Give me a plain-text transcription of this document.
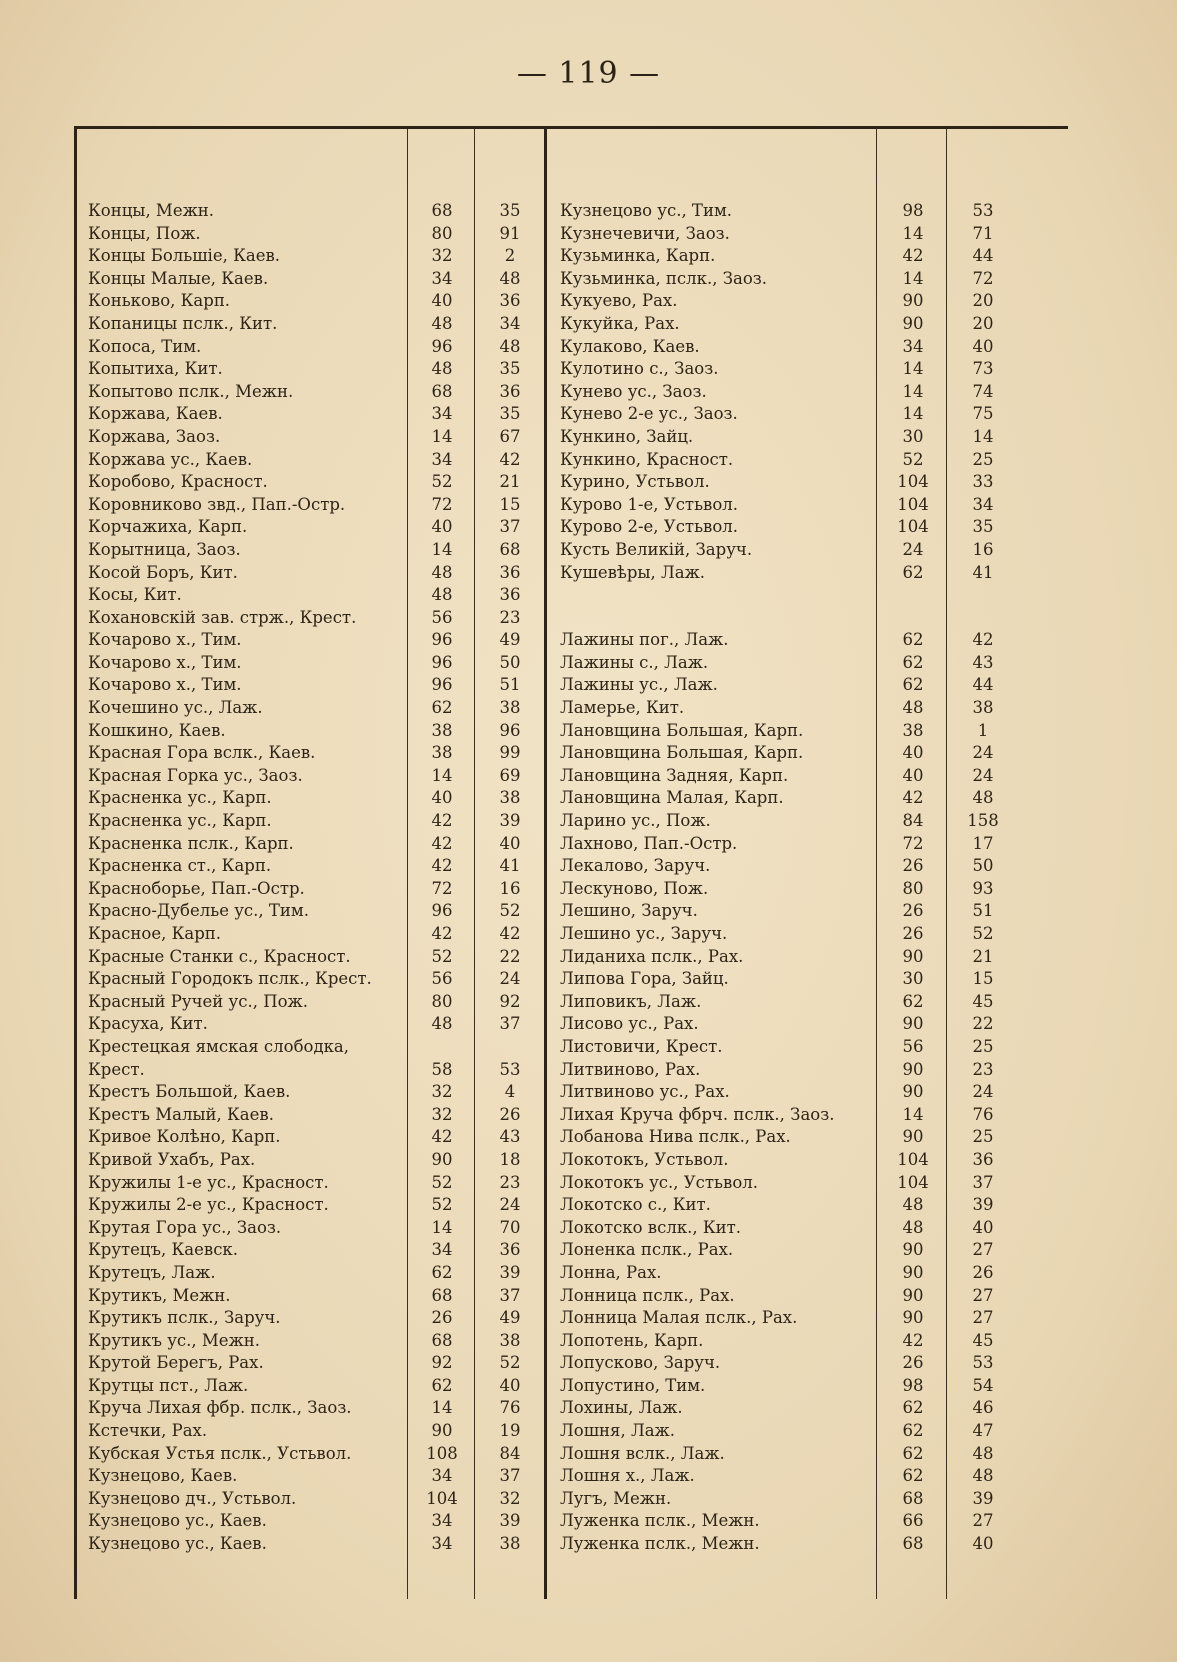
— 119 —
Концы, Межн.	68	35
Концы, Пож.	80	91
Концы Большіе, Каев.	32	2
Концы Малые, Каев.	34	48
Коньково, Карп.	40	36
Копаницы пслк., Кит.	48	34
Копоса, Тим.	96	48
Копытиха, Кит.	48	35
Копытово пслк., Межн.	68	36
Коржава, Каев.	34	35
Коржава, Заоз.	14	67
Коржава ус., Каев.	34	42
Коробово, Красност.	52	21
Коровниково звд., Пап.-Остр.	72	15
Корчажиха, Карп.	40	37
Корытница, Заоз.	14	68
Косой Боръ, Кит.	48	36
Косы, Кит.	48	36
Кохановскій зав. стрж., Крест.	56	23
Кочарово х., Тим.	96	49
Кочарово х., Тим.	96	50
Кочарово х., Тим.	96	51
Кочешино ус., Лаж.	62	38
Кошкино, Каев.	38	96
Красная Гора вслк., Каев.	38	99
Красная Горка ус., Заоз.	14	69
Красненка ус., Карп.	40	38
Красненка ус., Карп.	42	39
Красненка пслк., Карп.	42	40
Красненка ст., Карп.	42	41
Красноборье, Пап.-Остр.	72	16
Красно-Дубелье ус., Тим.	96	52
Красное, Карп.	42	42
Красные Станки с., Красност.	52	22
Красный Городокъ пслк., Крест.	56	24
Красный Ручей ус., Пож.	80	92
Красуха, Кит.	48	37
Крестецкая ямская слободка,
Крест.	58	53
Крестъ Большой, Каев.	32	4
Крестъ Малый, Каев.	32	26
Кривое Колѣно, Карп.	42	43
Кривой Ухабъ, Рах.	90	18
Кружилы 1-е ус., Красност.	52	23
Кружилы 2-е ус., Красност.	52	24
Крутая Гора ус., Заоз.	14	70
Крутецъ, Каевск.	34	36
Крутецъ, Лаж.	62	39
Крутикъ, Межн.	68	37
Крутикъ пслк., Заруч.	26	49
Крутикъ ус., Межн.	68	38
Крутой Берегъ, Рах.	92	52
Крутцы пст., Лаж.	62	40
Круча Лихая фбр. пслк., Заоз.	14	76
Кстечки, Рах.	90	19
Кубская Устья пслк., Устьвол.	108	84
Кузнецово, Каев.	34	37
Кузнецово дч., Устьвол.	104	32
Кузнецово ус., Каев.	34	39
Кузнецово ус., Каев.	34	38
Кузнецово ус., Тим.	98	53
Кузнечевичи, Заоз.	14	71
Кузьминка, Карп.	42	44
Кузьминка, пслк., Заоз.	14	72
Кукуево, Рах.	90	20
Кукуйка, Рах.	90	20
Кулаково, Каев.	34	40
Кулотино с., Заоз.	14	73
Кунево ус., Заоз.	14	74
Кунево 2-е ус., Заоз.	14	75
Кункино, Зайц.	30	14
Кункино, Красност.	52	25
Курино, Устьвол.	104	33
Курово 1-е, Устьвол.	104	34
Курово 2-е, Устьвол.	104	35
Кусть Великій, Заруч.	24	16
Кушевѣры, Лаж.	62	41
Лажины пог., Лаж.	62	42
Лажины с., Лаж.	62	43
Лажины ус., Лаж.	62	44
Ламерье, Кит.	48	38
Лановщина Большая, Карп.	38	1
Лановщина Большая, Карп.	40	24
Лановщина Задняя, Карп.	40	24
Лановщина Малая, Карп.	42	48
Ларино ус., Пож.	84	158
Лахново, Пап.-Остр.	72	17
Лекалово, Заруч.	26	50
Лескуново, Пож.	80	93
Лешино, Заруч.	26	51
Лешино ус., Заруч.	26	52
Лиданиха пслк., Рах.	90	21
Липова Гора, Зайц.	30	15
Липовикъ, Лаж.	62	45
Лисово ус., Рах.	90	22
Листовичи, Крест.	56	25
Литвиново, Рах.	90	23
Литвиново ус., Рах.	90	24
Лихая Круча фбрч. пслк., Заоз.	14	76
Лобанова Нива пслк., Рах.	90	25
Локотокъ, Устьвол.	104	36
Локотокъ ус., Устьвол.	104	37
Локотско с., Кит.	48	39
Локотско вслк., Кит.	48	40
Лоненка пслк., Рах.	90	27
Лонна, Рах.	90	26
Лонница пслк., Рах.	90	27
Лонница Малая пслк., Рах.	90	27
Лопотень, Карп.	42	45
Лопусково, Заруч.	26	53
Лопустино, Тим.	98	54
Лохины, Лаж.	62	46
Лошня, Лаж.	62	47
Лошня вслк., Лаж.	62	48
Лошня х., Лаж.	62	48
Лугъ, Межн.	68	39
Луженка пслк., Межн.	66	27
Луженка пслк., Межн.	68	40
